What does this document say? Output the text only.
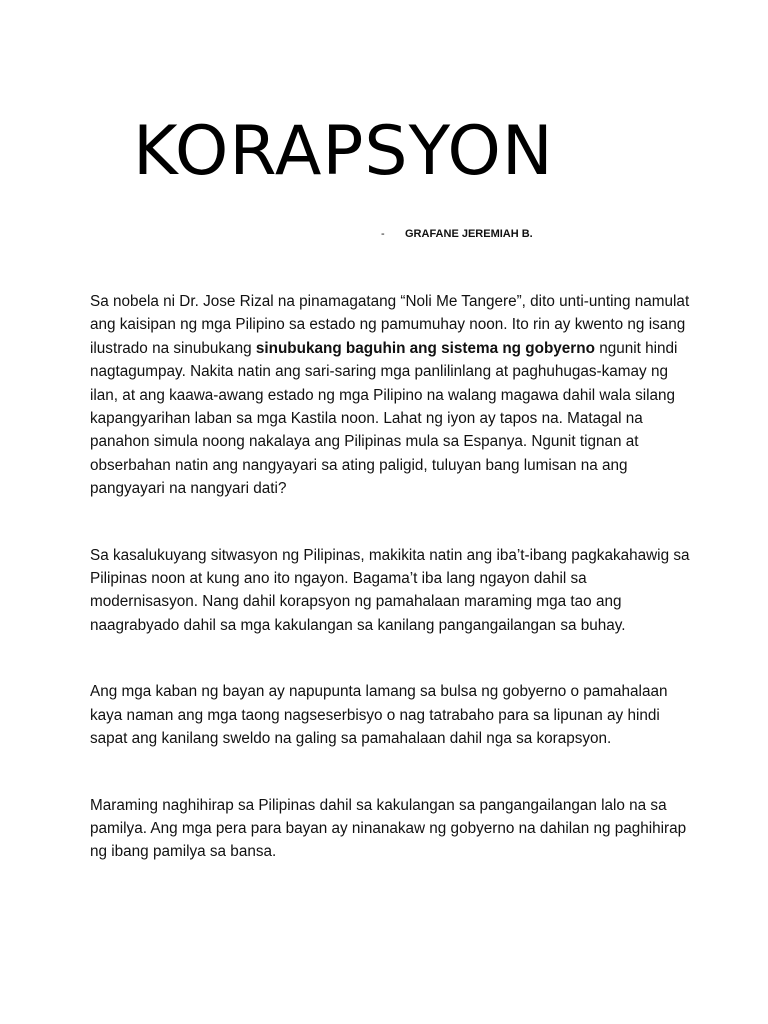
KORAPSYON
- GRAFANE JEREMIAH B.

Sa nobela ni Dr. Jose Rizal na pinamagatang “Noli Me Tangere”, dito unti-unting namulat ang kaisipan ng mga Pilipino sa estado ng pamumuhay noon. Ito rin ay kwento ng isang ilustrado na sinubukang sinubukang baguhin ang sistema ng gobyerno ngunit hindi nagtagumpay. Nakita natin ang sari-saring mga panlilinlang at paghuhugas-kamay ng ilan, at ang kaawa-awang estado ng mga Pilipino na walang magawa dahil wala silang kapangyarihan laban sa mga Kastila noon. Lahat ng iyon ay tapos na. Matagal na panahon simula noong nakalaya ang Pilipinas mula sa Espanya. Ngunit tignan at obserbahan natin ang nangyayari sa ating paligid, tuluyan bang lumisan na ang pangyayari na nangyari dati?

Sa kasalukuyang sitwasyon ng Pilipinas, makikita natin ang iba’t-ibang pagkakahawig sa Pilipinas noon at kung ano ito ngayon. Bagama’t iba lang ngayon dahil sa modernisasyon. Nang dahil korapsyon ng pamahalaan maraming mga tao ang naagrabyado dahil sa mga kakulangan sa kanilang pangangailangan sa buhay.

Ang mga kaban ng bayan ay napupunta lamang sa bulsa ng gobyerno o pamahalaan kaya naman ang mga taong nagseserbisyo o nag tatrabaho para sa lipunan ay hindi sapat ang kanilang sweldo na galing sa pamahalaan dahil nga sa korapsyon.

Maraming naghihirap sa Pilipinas dahil sa kakulangan sa pangangailangan lalo na sa pamilya. Ang mga pera para bayan ay ninanakaw ng gobyerno na dahilan ng paghihirap ng ibang pamilya sa bansa.
